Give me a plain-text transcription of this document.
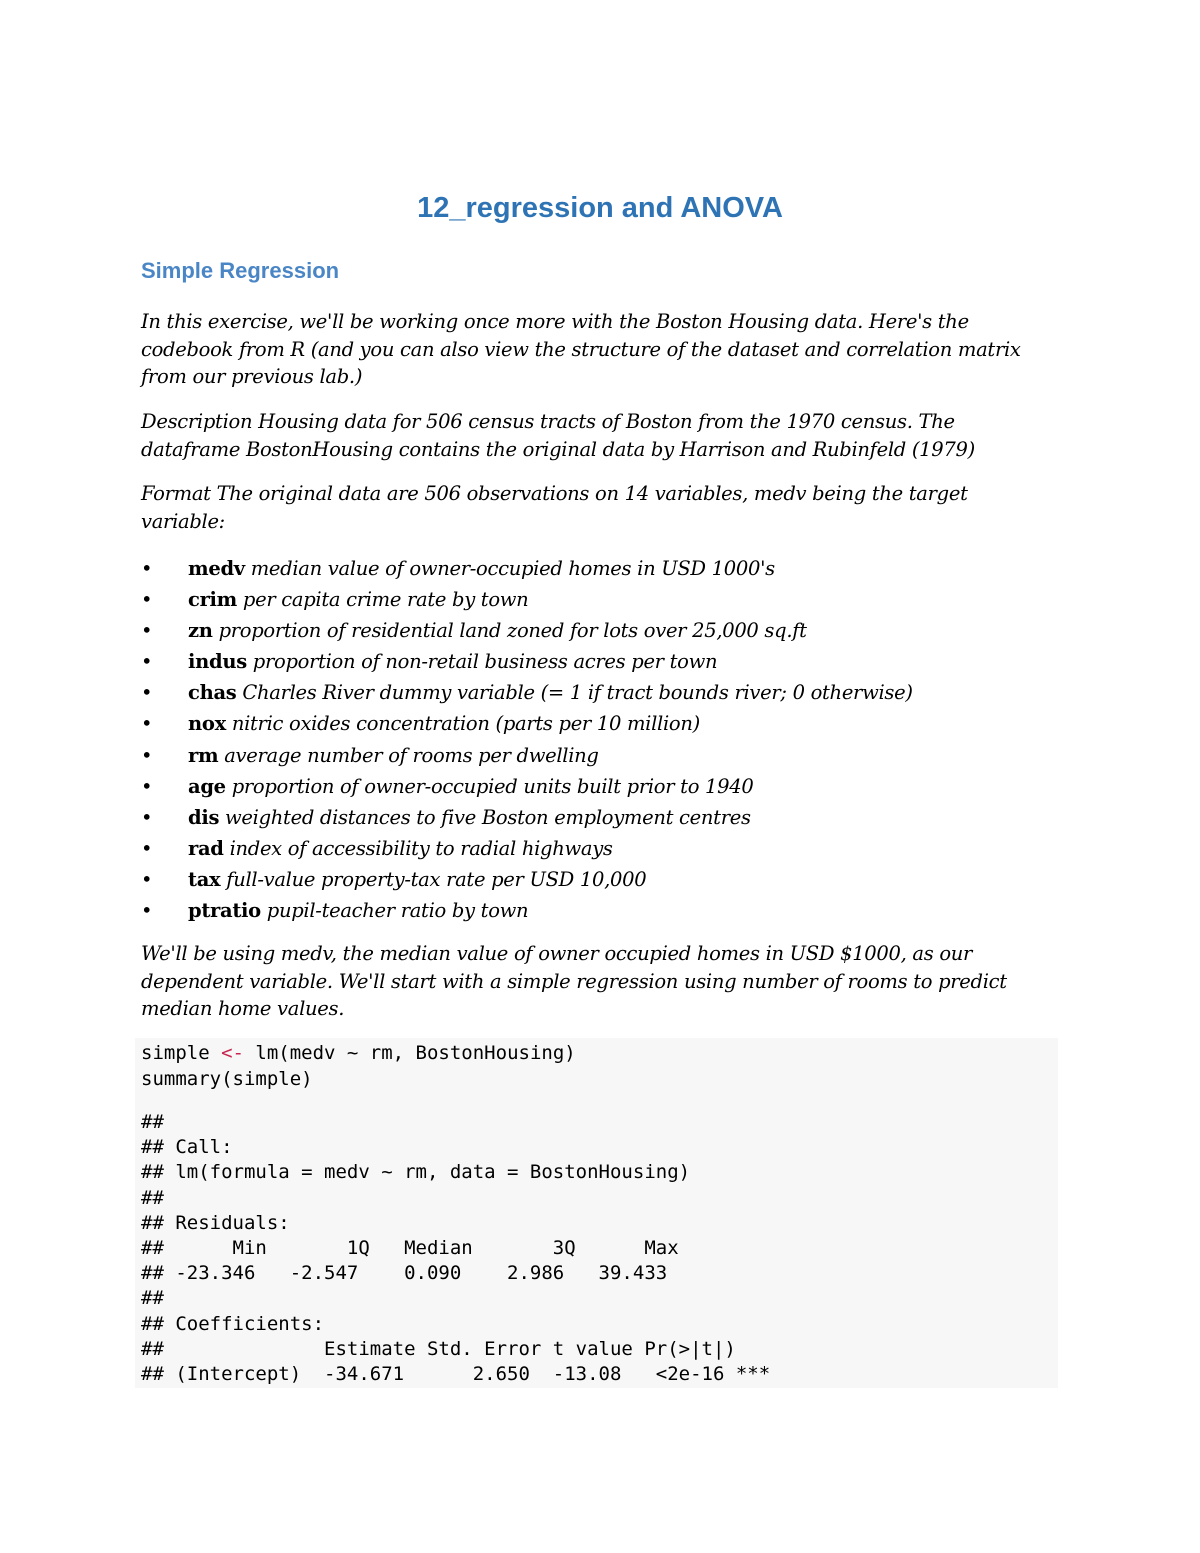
12_regression and ANOVA
Simple Regression

In this exercise, we'll be working once more with the Boston Housing data. Here's the codebook from R (and you can also view the structure of the dataset and correlation matrix from our previous lab.)

Description Housing data for 506 census tracts of Boston from the 1970 census. The dataframe BostonHousing contains the original data by Harrison and Rubinfeld (1979)

Format The original data are 506 observations on 14 variables, medv being the target variable:

• medv median value of owner-occupied homes in USD 1000's
• crim per capita crime rate by town
• zn proportion of residential land zoned for lots over 25,000 sq.ft
• indus proportion of non-retail business acres per town
• chas Charles River dummy variable (= 1 if tract bounds river; 0 otherwise)
• nox nitric oxides concentration (parts per 10 million)
• rm average number of rooms per dwelling
• age proportion of owner-occupied units built prior to 1940
• dis weighted distances to five Boston employment centres
• rad index of accessibility to radial highways
• tax full-value property-tax rate per USD 10,000
• ptratio pupil-teacher ratio by town

We'll be using medv, the median value of owner occupied homes in USD $1000, as our dependent variable. We'll start with a simple regression using number of rooms to predict median home values.

simple <- lm(medv ~ rm, BostonHousing)
summary(simple)
##
## Call:
## lm(formula = medv ~ rm, data = BostonHousing)
##
## Residuals:
##      Min       1Q   Median       3Q      Max
## -23.346   -2.547    0.090    2.986   39.433
##
## Coefficients:
##              Estimate Std. Error t value Pr(>|t|)
## (Intercept)  -34.671      2.650  -13.08   <2e-16 ***
